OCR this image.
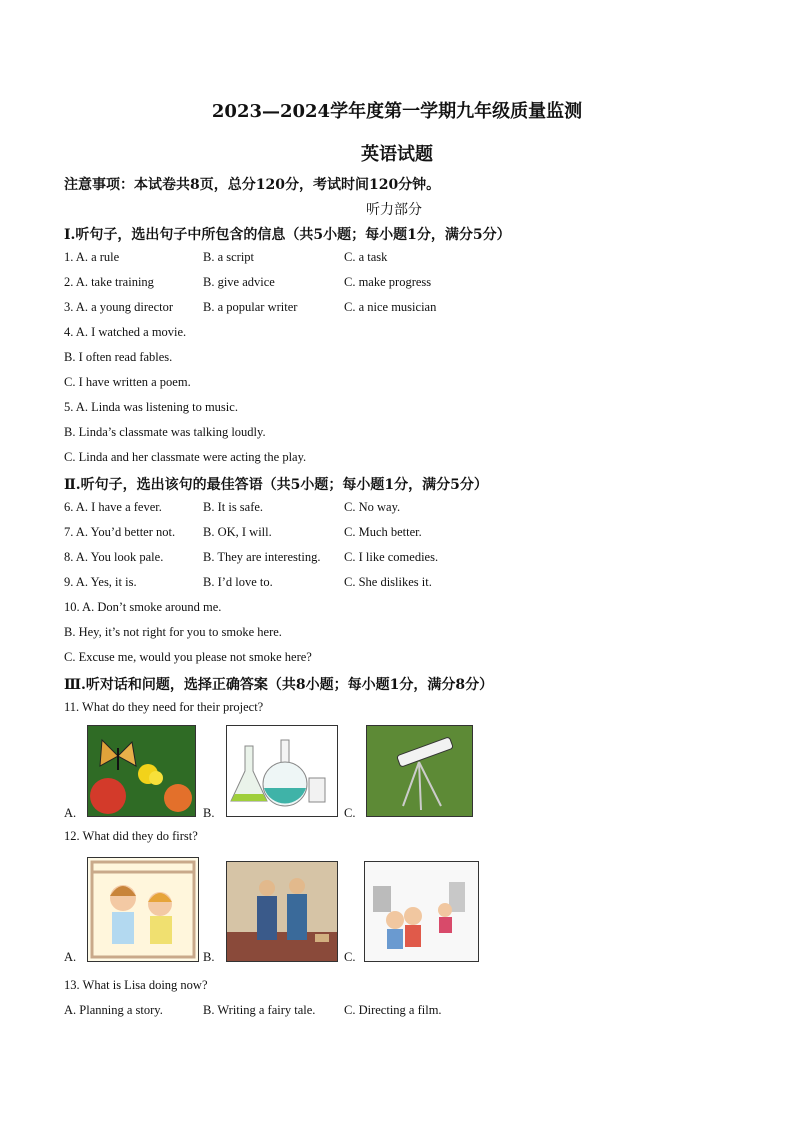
2023—2024学年度第一学期九年级质量监测
英语试题
注意事项：本试卷共8页，总分120分，考试时间120分钟。
听力部分
Ⅰ.听句子，选出句子中所包含的信息（共5小题；每小题1分，满分5分）
1. A. a rule	B. a script	C. a task
2. A. take training	B. give advice	C. make progress
3. A. a young director B. a popular writer	C. a nice musician
4. A. I watched a movie.
B. I often read fables.
C. I have written a poem.
5. A. Linda was listening to music.
B. Linda’s classmate was talking loudly.
C. Linda and her classmate were acting the play.
Ⅱ.听句子，选出该句的最佳答语（共5小题；每小题1分，满分5分）
6. A. I have a fever.	B. It is safe.	C. No way.
7. A. You’d better not. B. OK, I will.	C. Much better.
8. A. You look pale.	B. They are interesting. C. I like comedies.
9. A. Yes, it is.	B. I’d love to.	C. She dislikes it.
10. A. Don’t smoke around me.
B. Hey, it’s not right for you to smoke here.
C. Excuse me, would you please not smoke here?
Ⅲ.听对话和问题，选择正确答案（共8小题；每小题1分，满分8分）
11. What do they need for their project?
A.	B.	C.
12. What did they do first?
A.	B.	C.
13. What is Lisa doing now?
A. Planning a story.	B. Writing a fairy tale. C. Directing a film.
